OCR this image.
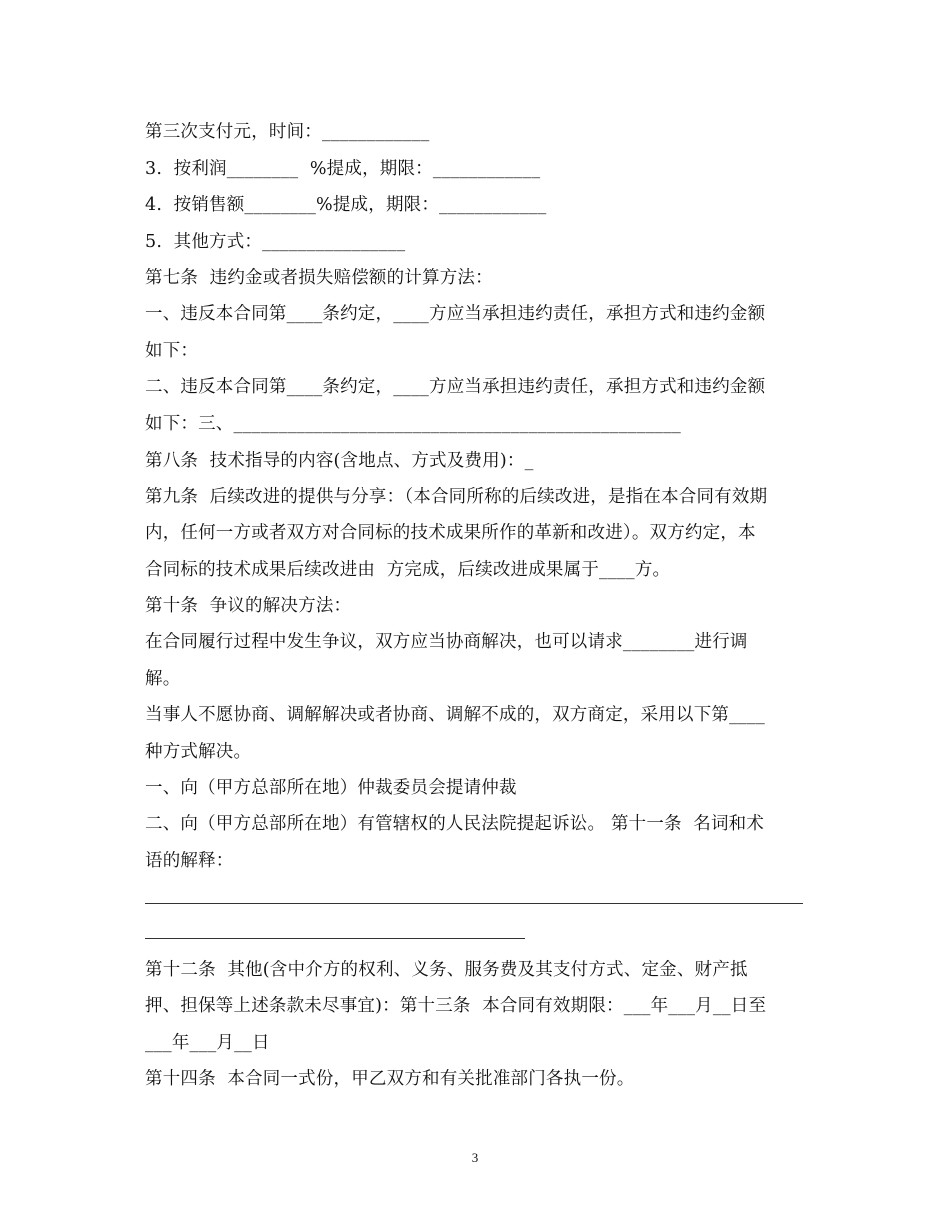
第三次支付元，时间：____________
3.  按利润________  %提成，期限：____________
4.  按销售额________%提成，期限：____________
5.  其他方式：________________
第七条  违约金或者损失赔偿额的计算方法：
一、违反本合同第____条约定，____方应当承担违约责任，承担方式和违约金额
如下：
二、违反本合同第____条约定，____方应当承担违约责任，承担方式和违约金额
如下：三、__________________________________________________
第八条  技术指导的内容(含地点、方式及费用)：_
第九条  后续改进的提供与分享：（本合同所称的后续改进，是指在本合同有效期
内，任何一方或者双方对合同标的技术成果所作的革新和改进）。双方约定，本
合同标的技术成果后续改进由  方完成，后续改进成果属于____方。
第十条  争议的解决方法：
在合同履行过程中发生争议，双方应当协商解决，也可以请求________进行调
解。
当事人不愿协商、调解解决或者协商、调解不成的，双方商定，采用以下第____
种方式解决。
一、向（甲方总部所在地）仲裁委员会提请仲裁
二、向（甲方总部所在地）有管辖权的人民法院提起诉讼。 第十一条  名词和术
语的解释：
第十二条  其他(含中介方的权利、义务、服务费及其支付方式、定金、财产抵
押、担保等上述条款未尽事宜)：第十三条  本合同有效期限：___年___月__日至
___年___月__日
第十四条  本合同一式份，甲乙双方和有关批准部门各执一份。
3
